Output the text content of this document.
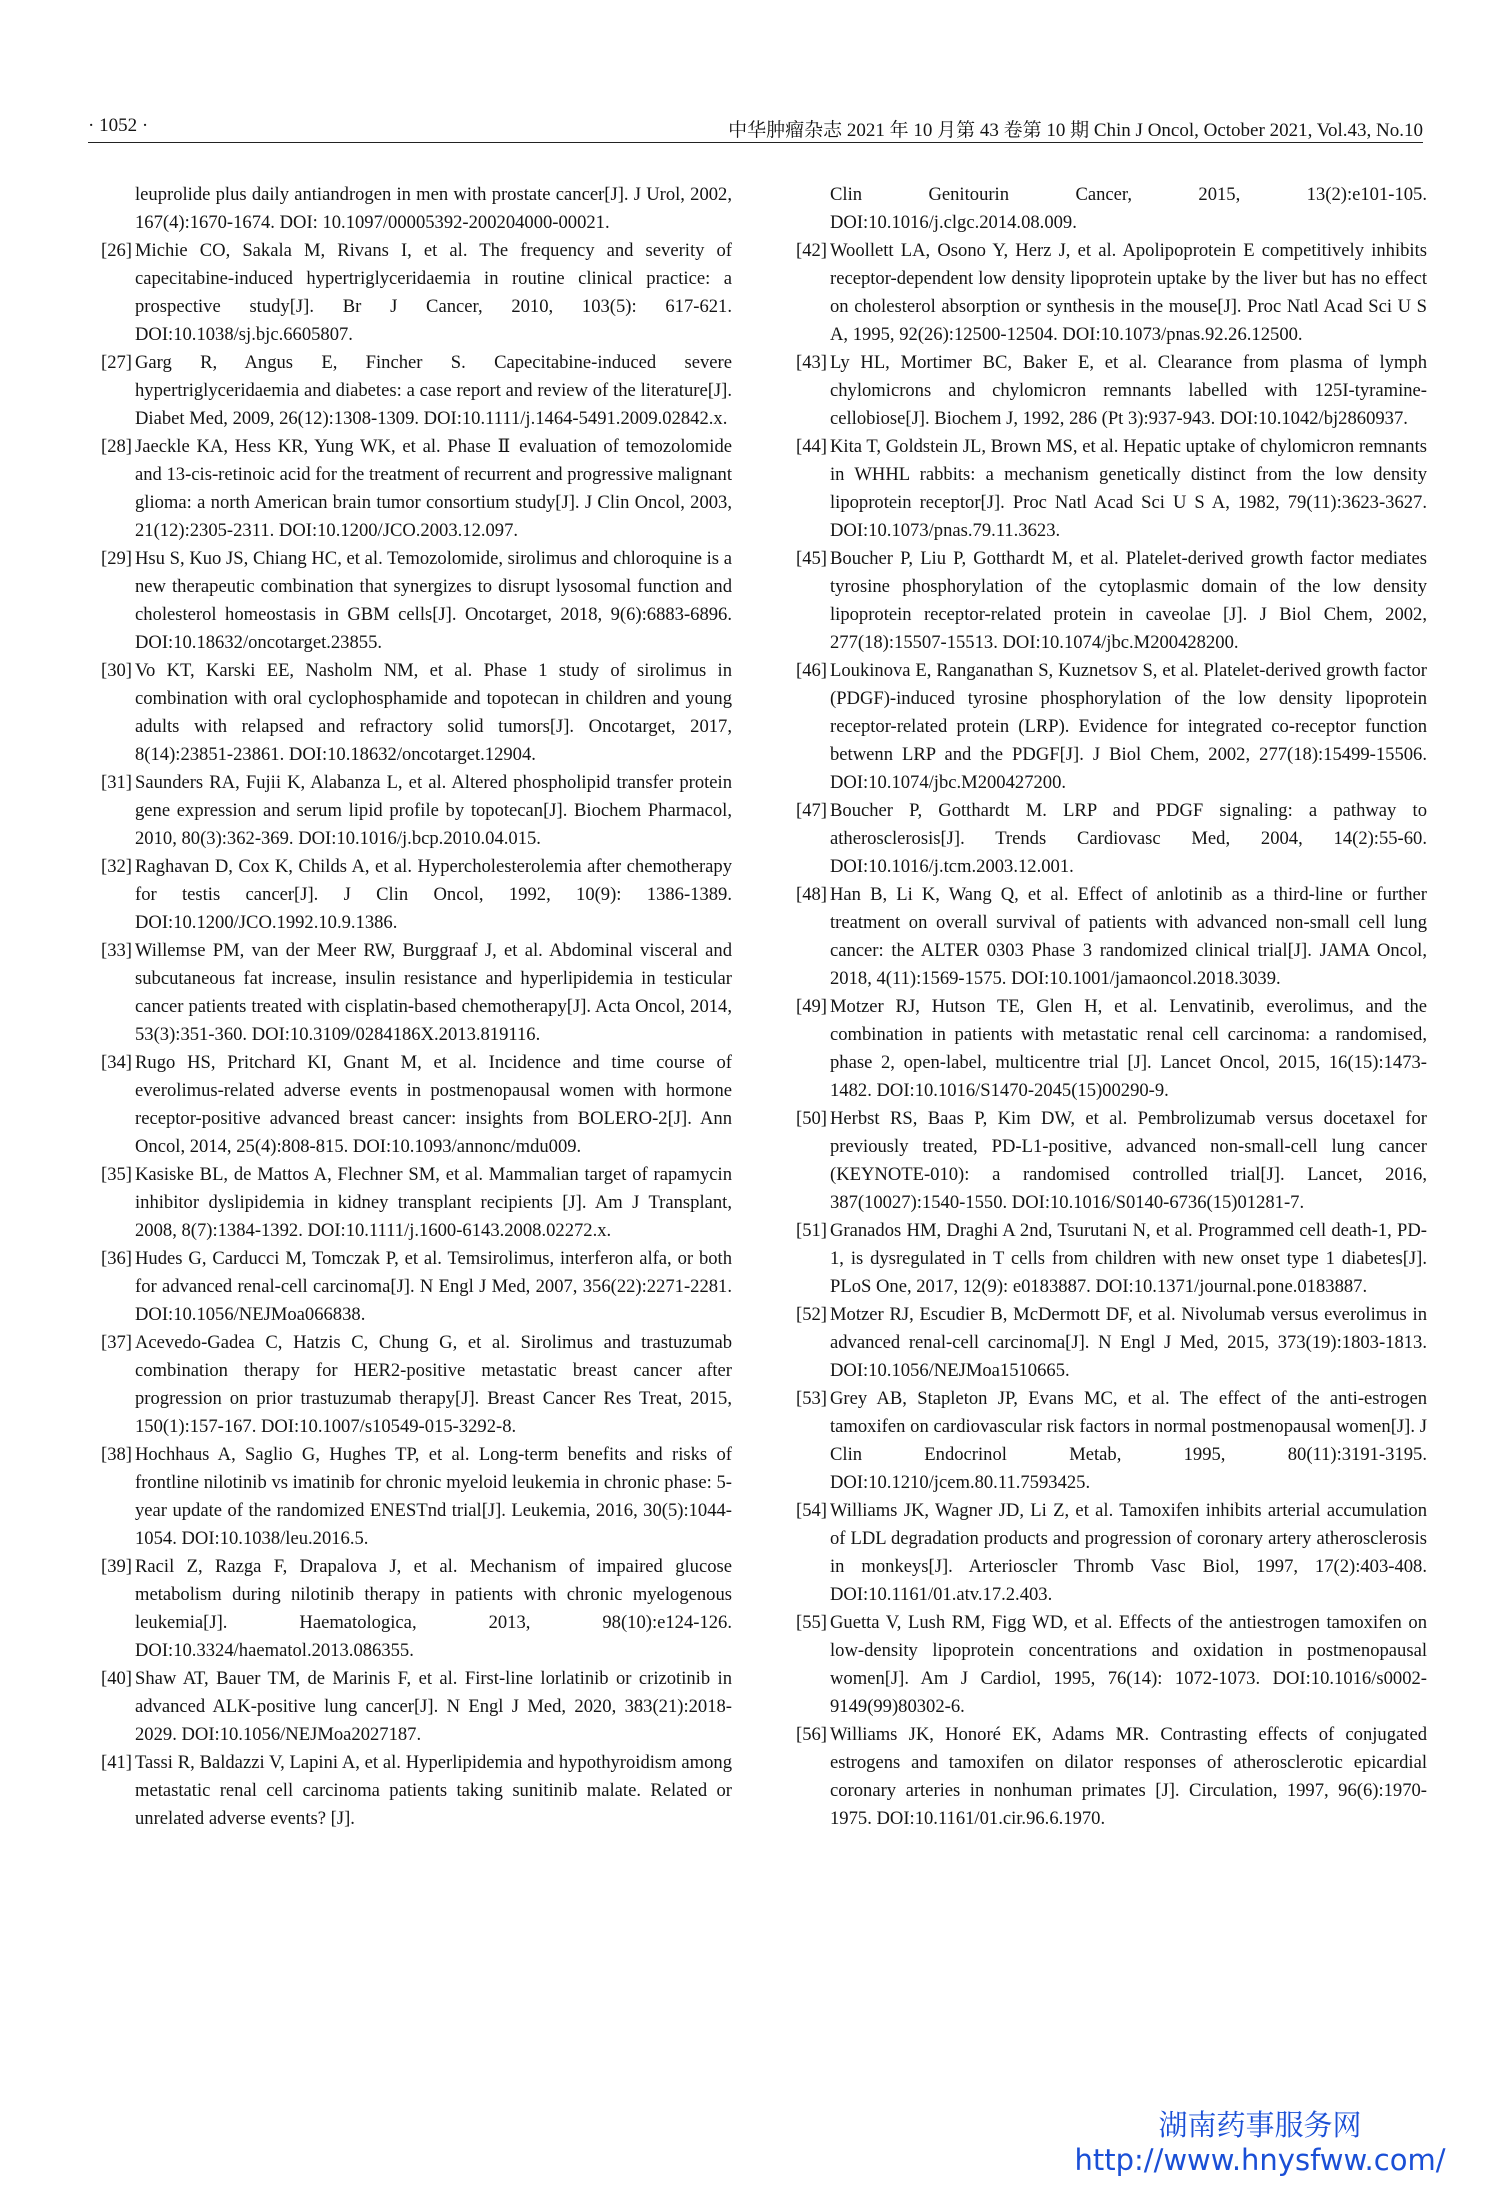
· 1052 ·	中华肿瘤杂志 2021 年 10 月第 43 卷第 10 期 Chin J Oncol, October 2021, Vol.43, No.10

leuprolide plus daily antiandrogen in men with prostate cancer[J]. J Urol, 2002, 167(4):1670-1674. DOI: 10.1097/00005392-200204000-00021.

[26] Michie CO, Sakala M, Rivans I, et al. The frequency and severity of capecitabine-induced hypertriglyceridaemia in routine clinical practice: a prospective study[J]. Br J Cancer, 2010, 103(5): 617-621. DOI:10.1038/sj.bjc.6605807.

[27] Garg R, Angus E, Fincher S. Capecitabine-induced severe hypertriglyceridaemia and diabetes: a case report and review of the literature[J]. Diabet Med, 2009, 26(12):1308-1309. DOI:10.1111/j.1464-5491.2009.02842.x.

[28] Jaeckle KA, Hess KR, Yung WK, et al. Phase Ⅱ evaluation of temozolomide and 13-cis-retinoic acid for the treatment of recurrent and progressive malignant glioma: a north American brain tumor consortium study[J]. J Clin Oncol, 2003, 21(12):2305-2311. DOI:10.1200/JCO.2003.12.097.

[29] Hsu S, Kuo JS, Chiang HC, et al. Temozolomide, sirolimus and chloroquine is a new therapeutic combination that synergizes to disrupt lysosomal function and cholesterol homeostasis in GBM cells[J]. Oncotarget, 2018, 9(6):6883-6896. DOI:10.18632/oncotarget.23855.

[30] Vo KT, Karski EE, Nasholm NM, et al. Phase 1 study of sirolimus in combination with oral cyclophosphamide and topotecan in children and young adults with relapsed and refractory solid tumors[J]. Oncotarget, 2017, 8(14):23851-23861. DOI:10.18632/oncotarget.12904.

[31] Saunders RA, Fujii K, Alabanza L, et al. Altered phospholipid transfer protein gene expression and serum lipid profile by topotecan[J]. Biochem Pharmacol, 2010, 80(3):362-369. DOI:10.1016/j.bcp.2010.04.015.

[32] Raghavan D, Cox K, Childs A, et al. Hypercholesterolemia after chemotherapy for testis cancer[J]. J Clin Oncol, 1992, 10(9): 1386-1389. DOI:10.1200/JCO.1992.10.9.1386.

[33] Willemse PM, van der Meer RW, Burggraaf J, et al. Abdominal visceral and subcutaneous fat increase, insulin resistance and hyperlipidemia in testicular cancer patients treated with cisplatin-based chemotherapy[J]. Acta Oncol, 2014, 53(3):351-360. DOI:10.3109/0284186X.2013.819116.

[34] Rugo HS, Pritchard KI, Gnant M, et al. Incidence and time course of everolimus-related adverse events in postmenopausal women with hormone receptor-positive advanced breast cancer: insights from BOLERO-2[J]. Ann Oncol, 2014, 25(4):808-815. DOI:10.1093/annonc/mdu009.

[35] Kasiske BL, de Mattos A, Flechner SM, et al. Mammalian target of rapamycin inhibitor dyslipidemia in kidney transplant recipients [J]. Am J Transplant, 2008, 8(7):1384-1392. DOI:10.1111/j.1600-6143.2008.02272.x.

[36] Hudes G, Carducci M, Tomczak P, et al. Temsirolimus, interferon alfa, or both for advanced renal-cell carcinoma[J]. N Engl J Med, 2007, 356(22):2271-2281. DOI:10.1056/NEJMoa066838.

[37] Acevedo-Gadea C, Hatzis C, Chung G, et al. Sirolimus and trastuzumab combination therapy for HER2-positive metastatic breast cancer after progression on prior trastuzumab therapy[J]. Breast Cancer Res Treat, 2015, 150(1):157-167. DOI:10.1007/s10549-015-3292-8.

[38] Hochhaus A, Saglio G, Hughes TP, et al. Long-term benefits and risks of frontline nilotinib vs imatinib for chronic myeloid leukemia in chronic phase: 5-year update of the randomized ENESTnd trial[J]. Leukemia, 2016, 30(5):1044-1054. DOI:10.1038/leu.2016.5.

[39] Racil Z, Razga F, Drapalova J, et al. Mechanism of impaired glucose metabolism during nilotinib therapy in patients with chronic myelogenous leukemia[J]. Haematologica, 2013, 98(10):e124-126. DOI:10.3324/haematol.2013.086355.

[40] Shaw AT, Bauer TM, de Marinis F, et al. First-line lorlatinib or crizotinib in advanced ALK-positive lung cancer[J]. N Engl J Med, 2020, 383(21):2018-2029. DOI:10.1056/NEJMoa2027187.

[41] Tassi R, Baldazzi V, Lapini A, et al. Hyperlipidemia and hypothyroidism among metastatic renal cell carcinoma patients taking sunitinib malate. Related or unrelated adverse events? [J].

Clin Genitourin Cancer, 2015, 13(2):e101-105. DOI:10.1016/j.clgc.2014.08.009.

[42] Woollett LA, Osono Y, Herz J, et al. Apolipoprotein E competitively inhibits receptor-dependent low density lipoprotein uptake by the liver but has no effect on cholesterol absorption or synthesis in the mouse[J]. Proc Natl Acad Sci U S A, 1995, 92(26):12500-12504. DOI:10.1073/pnas.92.26.12500.

[43] Ly HL, Mortimer BC, Baker E, et al. Clearance from plasma of lymph chylomicrons and chylomicron remnants labelled with 125I-tyramine-cellobiose[J]. Biochem J, 1992, 286 (Pt 3):937-943. DOI:10.1042/bj2860937.

[44] Kita T, Goldstein JL, Brown MS, et al. Hepatic uptake of chylomicron remnants in WHHL rabbits: a mechanism genetically distinct from the low density lipoprotein receptor[J]. Proc Natl Acad Sci U S A, 1982, 79(11):3623-3627. DOI:10.1073/pnas.79.11.3623.

[45] Boucher P, Liu P, Gotthardt M, et al. Platelet-derived growth factor mediates tyrosine phosphorylation of the cytoplasmic domain of the low density lipoprotein receptor-related protein in caveolae [J]. J Biol Chem, 2002, 277(18):15507-15513. DOI:10.1074/jbc.M200428200.

[46] Loukinova E, Ranganathan S, Kuznetsov S, et al. Platelet-derived growth factor (PDGF)-induced tyrosine phosphorylation of the low density lipoprotein receptor-related protein (LRP). Evidence for integrated co-receptor function betwenn LRP and the PDGF[J]. J Biol Chem, 2002, 277(18):15499-15506. DOI:10.1074/jbc.M200427200.

[47] Boucher P, Gotthardt M. LRP and PDGF signaling: a pathway to atherosclerosis[J]. Trends Cardiovasc Med, 2004, 14(2):55-60. DOI:10.1016/j.tcm.2003.12.001.

[48] Han B, Li K, Wang Q, et al. Effect of anlotinib as a third-line or further treatment on overall survival of patients with advanced non-small cell lung cancer: the ALTER 0303 Phase 3 randomized clinical trial[J]. JAMA Oncol, 2018, 4(11):1569-1575. DOI:10.1001/jamaoncol.2018.3039.

[49] Motzer RJ, Hutson TE, Glen H, et al. Lenvatinib, everolimus, and the combination in patients with metastatic renal cell carcinoma: a randomised, phase 2, open-label, multicentre trial [J]. Lancet Oncol, 2015, 16(15):1473-1482. DOI:10.1016/S1470-2045(15)00290-9.

[50] Herbst RS, Baas P, Kim DW, et al. Pembrolizumab versus docetaxel for previously treated, PD-L1-positive, advanced non-small-cell lung cancer (KEYNOTE-010): a randomised controlled trial[J]. Lancet, 2016, 387(10027):1540-1550. DOI:10.1016/S0140-6736(15)01281-7.

[51] Granados HM, Draghi A 2nd, Tsurutani N, et al. Programmed cell death-1, PD-1, is dysregulated in T cells from children with new onset type 1 diabetes[J]. PLoS One, 2017, 12(9): e0183887. DOI:10.1371/journal.pone.0183887.

[52] Motzer RJ, Escudier B, McDermott DF, et al. Nivolumab versus everolimus in advanced renal-cell carcinoma[J]. N Engl J Med, 2015, 373(19):1803-1813. DOI:10.1056/NEJMoa1510665.

[53] Grey AB, Stapleton JP, Evans MC, et al. The effect of the anti-estrogen tamoxifen on cardiovascular risk factors in normal postmenopausal women[J]. J Clin Endocrinol Metab, 1995, 80(11):3191-3195. DOI:10.1210/jcem.80.11.7593425.

[54] Williams JK, Wagner JD, Li Z, et al. Tamoxifen inhibits arterial accumulation of LDL degradation products and progression of coronary artery atherosclerosis in monkeys[J]. Arterioscler Thromb Vasc Biol, 1997, 17(2):403-408. DOI:10.1161/01.atv.17.2.403.

[55] Guetta V, Lush RM, Figg WD, et al. Effects of the antiestrogen tamoxifen on low-density lipoprotein concentrations and oxidation in postmenopausal women[J]. Am J Cardiol, 1995, 76(14): 1072-1073. DOI:10.1016/s0002-9149(99)80302-6.

[56] Williams JK, Honoré EK, Adams MR. Contrasting effects of conjugated estrogens and tamoxifen on dilator responses of atherosclerotic epicardial coronary arteries in nonhuman primates [J]. Circulation, 1997, 96(6):1970-1975. DOI:10.1161/01.cir.96.6.1970.

湖南药事服务网
http://www.hnysfww.com/
